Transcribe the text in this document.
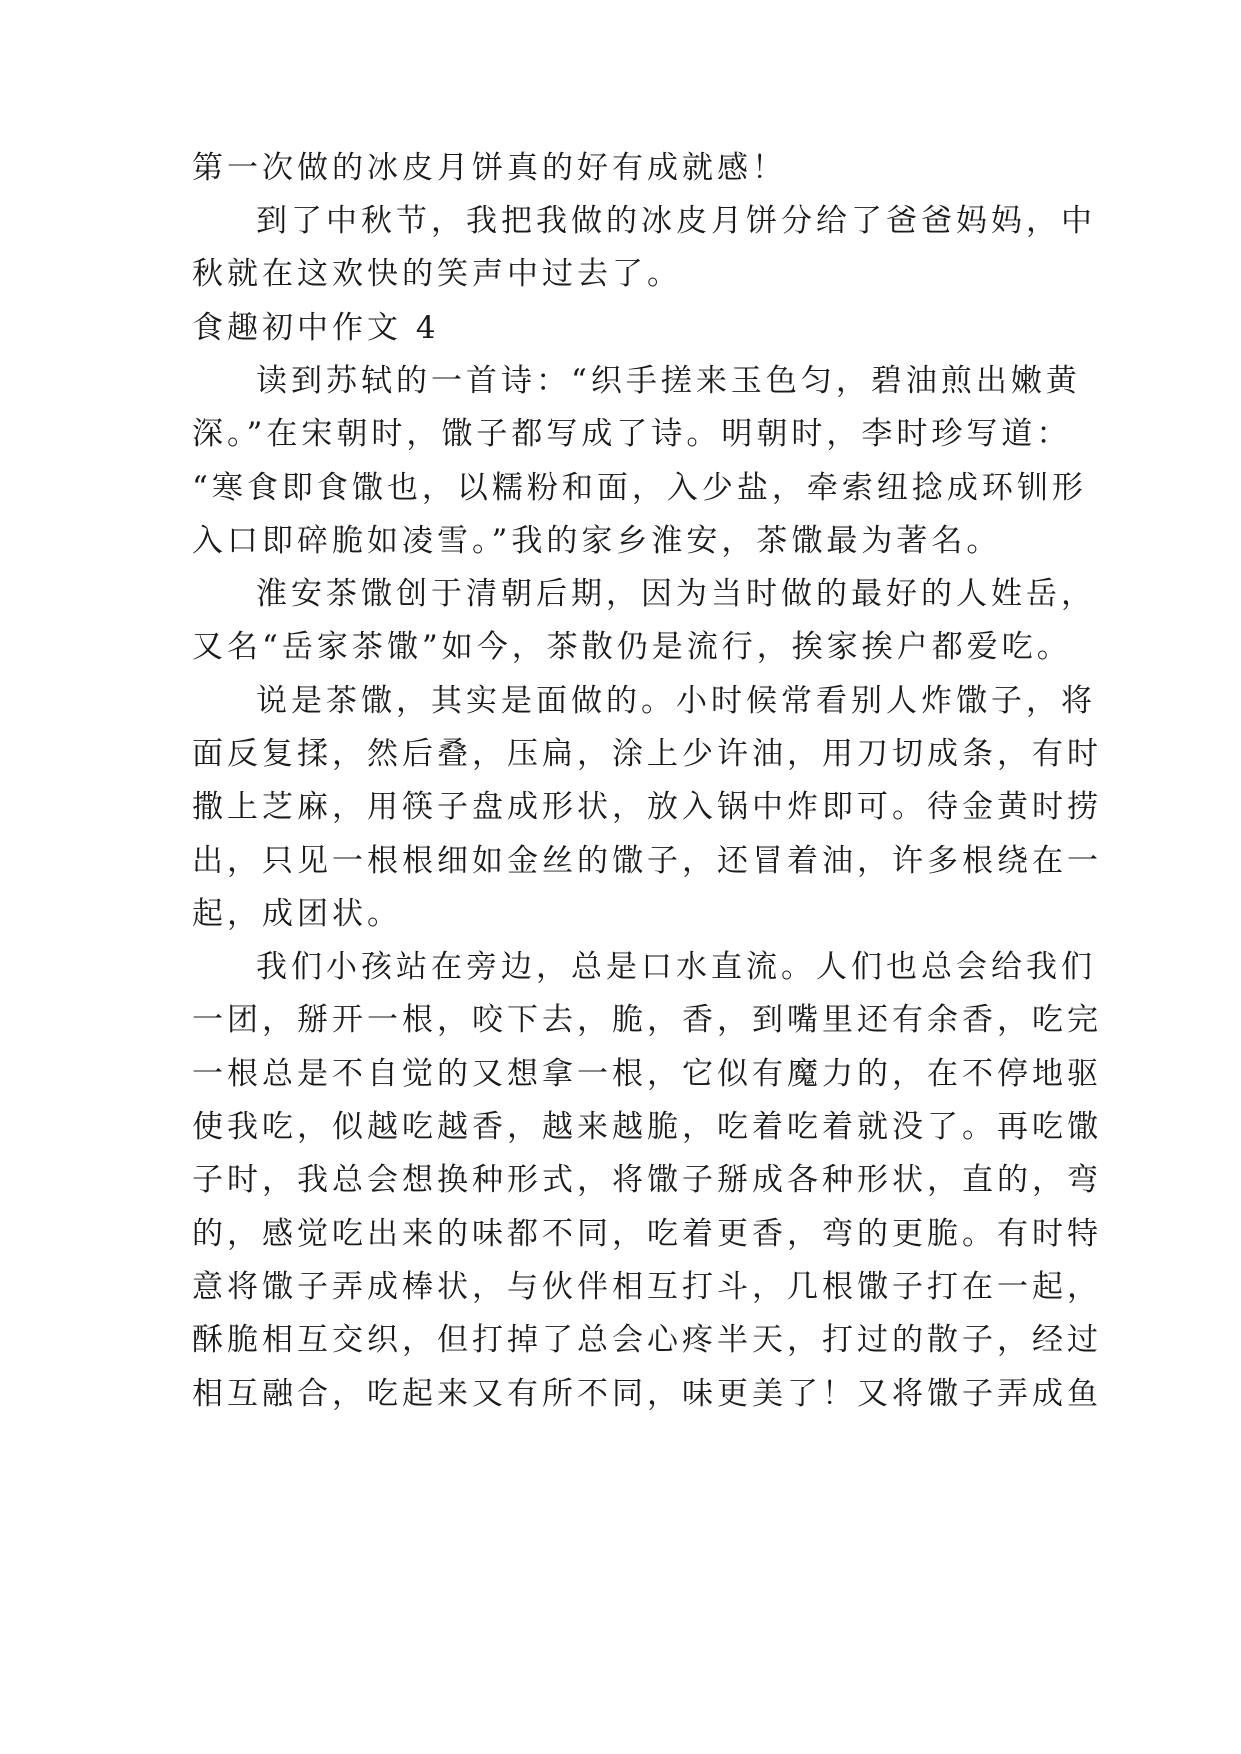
第一次做的冰皮月饼真的好有成就感！
到了中秋节，我把我做的冰皮月饼分给了爸爸妈妈，中
秋就在这欢快的笑声中过去了。
食趣初中作文 4
读到苏轼的一首诗：“织手搓来玉色匀，碧油煎出嫩黄
深。”在宋朝时，馓子都写成了诗。明朝时，李时珍写道：
“寒食即食馓也，以糯粉和面，入少盐，牵索纽捻成环钏形
入口即碎脆如凌雪。”我的家乡淮安，茶馓最为著名。
淮安茶馓创于清朝后期，因为当时做的最好的人姓岳，
又名“岳家茶馓”如今，茶散仍是流行，挨家挨户都爱吃。
说是茶馓，其实是面做的。小时候常看别人炸馓子，将
面反复揉，然后叠，压扁，涂上少许油，用刀切成条，有时
撒上芝麻，用筷子盘成形状，放入锅中炸即可。待金黄时捞
出，只见一根根细如金丝的馓子，还冒着油，许多根绕在一
起，成团状。
我们小孩站在旁边，总是口水直流。人们也总会给我们
一团，掰开一根，咬下去，脆，香，到嘴里还有余香，吃完
一根总是不自觉的又想拿一根，它似有魔力的，在不停地驱
使我吃，似越吃越香，越来越脆，吃着吃着就没了。再吃馓
子时，我总会想换种形式，将馓子掰成各种形状，直的，弯
的，感觉吃出来的味都不同，吃着更香，弯的更脆。有时特
意将馓子弄成棒状，与伙伴相互打斗，几根馓子打在一起，
酥脆相互交织，但打掉了总会心疼半天，打过的散子，经过
相互融合，吃起来又有所不同，味更美了！又将馓子弄成鱼
